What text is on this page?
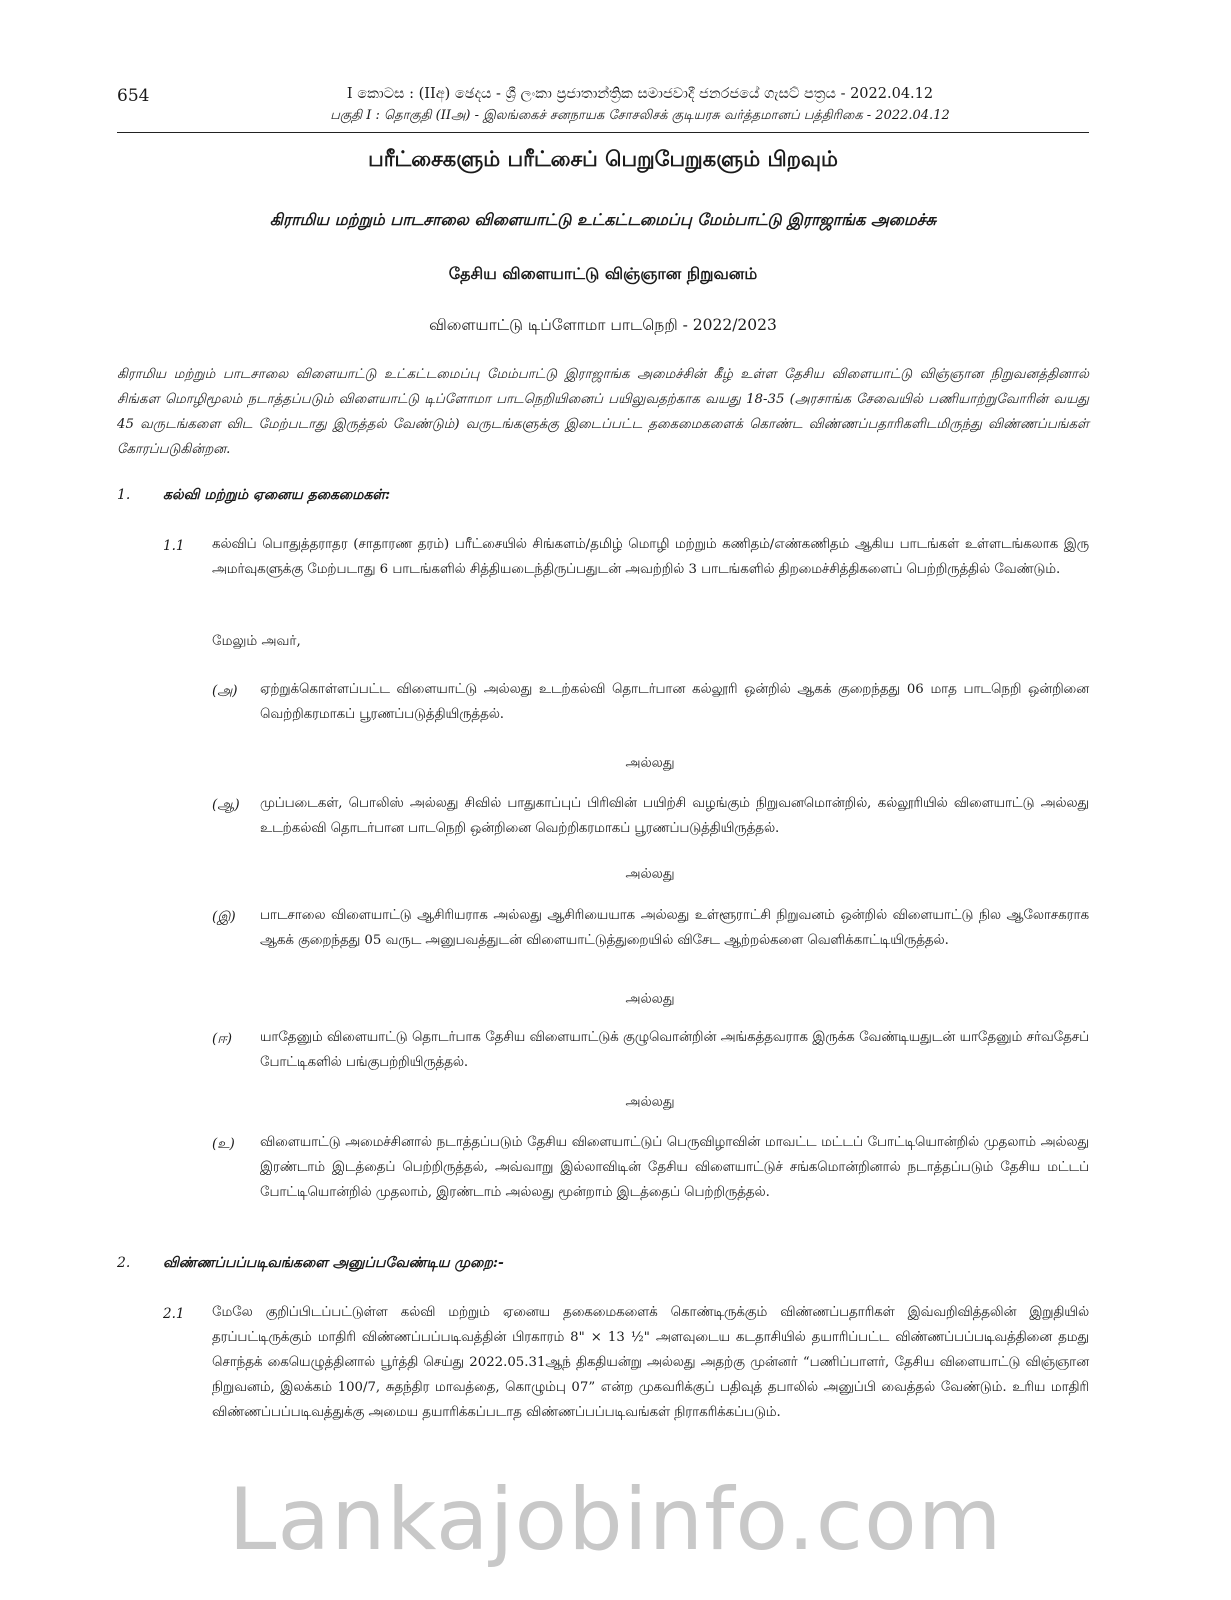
654	I කොටස : (IIඅ) ඡෙදය - ශ්‍රී ලංකා ප්‍රජාතාන්ත්‍රික සමාජවාදී ජනරජයේ ගැසට් පත්‍රය - 2022.04.12
பகுதி I : தொகுதி (IIஅ) - இலங்கைச் சனநாயக சோசலிசக் குடியரசு வர்த்தமானப் பத்திரிகை - 2022.04.12
பரீட்சைகளும் பரீட்சைப் பெறுபேறுகளும் பிறவும்
கிராமிய மற்றும் பாடசாலை விளையாட்டு உட்கட்டமைப்பு மேம்பாட்டு இராஜாங்க அமைச்சு
தேசிய விளையாட்டு விஞ்ஞான நிறுவனம்
விளையாட்டு டிப்ளோமா பாடநெறி - 2022/2023
கிராமிய மற்றும் பாடசாலை விளையாட்டு உட்கட்டமைப்பு மேம்பாட்டு இராஜாங்க அமைச்சின் கீழ் உள்ள தேசிய விளையாட்டு விஞ்ஞான நிறுவனத்தினால் சிங்கள மொழிமூலம் நடாத்தப்படும் விளையாட்டு டிப்ளோமா பாடநெறியினைப் பயிலுவதற்காக வயது 18-35 (அரசாங்க சேவையில் பணியாற்றுவோரின் வயது 45 வருடங்களை விட மேற்படாது இருத்தல் வேண்டும்) வருடங்களுக்கு இடைப்பட்ட தகைமைகளைக் கொண்ட விண்ணப்பதாரிகளிடமிருந்து விண்ணப்பங்கள் கோரப்படுகின்றன.
1. கல்வி மற்றும் ஏனைய தகைமைகள்:
1.1 கல்விப் பொதுத்தராதர (சாதாரண தரம்) பரீட்சையில் சிங்களம்/தமிழ் மொழி மற்றும் கணிதம்/எண்கணிதம் ஆகிய பாடங்கள் உள்ளடங்கலாக இரு அமர்வுகளுக்கு மேற்படாது 6 பாடங்களில் சித்தியடைந்திருப்பதுடன் அவற்றில் 3 பாடங்களில் திறமைச்சித்திகளைப் பெற்றிருத்தில் வேண்டும்.
மேலும் அவர்,
(அ) ஏற்றுக்கொள்ளப்பட்ட விளையாட்டு அல்லது உடற்கல்வி தொடர்பான கல்லூரி ஒன்றில் ஆகக் குறைந்தது 06 மாத பாடநெறி ஒன்றினை வெற்றிகரமாகப் பூரணப்படுத்தியிருத்தல்.
அல்லது
(ஆ) முப்படைகள், பொலிஸ் அல்லது சிவில் பாதுகாப்புப் பிரிவின் பயிற்சி வழங்கும் நிறுவனமொன்றில், கல்லூரியில் விளையாட்டு அல்லது உடற்கல்வி தொடர்பான பாடநெறி ஒன்றினை வெற்றிகரமாகப் பூரணப்படுத்தியிருத்தல்.
அல்லது
(இ) பாடசாலை விளையாட்டு ஆசிரியராக அல்லது ஆசிரியையாக அல்லது உள்ளூராட்சி நிறுவனம் ஒன்றில் விளையாட்டு நில ஆலோசகராக ஆகக் குறைந்தது 05 வருட அனுபவத்துடன் விளையாட்டுத்துறையில் விசேட ஆற்றல்களை வெளிக்காட்டியிருத்தல்.
அல்லது
(ஈ) யாதேனும் விளையாட்டு தொடர்பாக தேசிய விளையாட்டுக் குழுவொன்றின் அங்கத்தவராக இருக்க வேண்டியதுடன் யாதேனும் சர்வதேசப் போட்டிகளில் பங்குபற்றியிருத்தல்.
அல்லது
(உ) விளையாட்டு அமைச்சினால் நடாத்தப்படும் தேசிய விளையாட்டுப் பெருவிழாவின் மாவட்ட மட்டப் போட்டியொன்றில் முதலாம் அல்லது இரண்டாம் இடத்தைப் பெற்றிருத்தல், அவ்வாறு இல்லாவிடின் தேசிய விளையாட்டுச் சங்கமொன்றினால் நடாத்தப்படும் தேசிய மட்டப் போட்டியொன்றில் முதலாம், இரண்டாம் அல்லது மூன்றாம் இடத்தைப் பெற்றிருத்தல்.
2. விண்ணப்பப்படிவங்களை அனுப்பவேண்டிய முறை:-
2.1 மேலே குறிப்பிடப்பட்டுள்ள கல்வி மற்றும் ஏனைய தகைமைகளைக் கொண்டிருக்கும் விண்ணப்பதாரிகள் இவ்வறிவித்தலின் இறுதியில் தரப்பட்டிருக்கும் மாதிரி விண்ணப்பப்படிவத்தின் பிரகாரம் 8" × 13 ½" அளவுடைய கடதாசியில் தயாரிப்பட்ட விண்ணப்பப்படிவத்தினை தமது சொந்தக் கையெழுத்தினால் பூர்த்தி செய்து 2022.05.31ஆந் திகதியன்று அல்லது அதற்கு முன்னர் “பணிப்பாளர், தேசிய விளையாட்டு விஞ்ஞான நிறுவனம், இலக்கம் 100/7, சுதந்திர மாவத்தை, கொழும்பு 07” என்ற முகவரிக்குப் பதிவுத் தபாலில் அனுப்பி வைத்தல் வேண்டும். உரிய மாதிரி விண்ணப்பப்படிவத்துக்கு அமைய தயாரிக்கப்படாத விண்ணப்பப்படிவங்கள் நிராகரிக்கப்படும்.
Lankajobinfo.com
